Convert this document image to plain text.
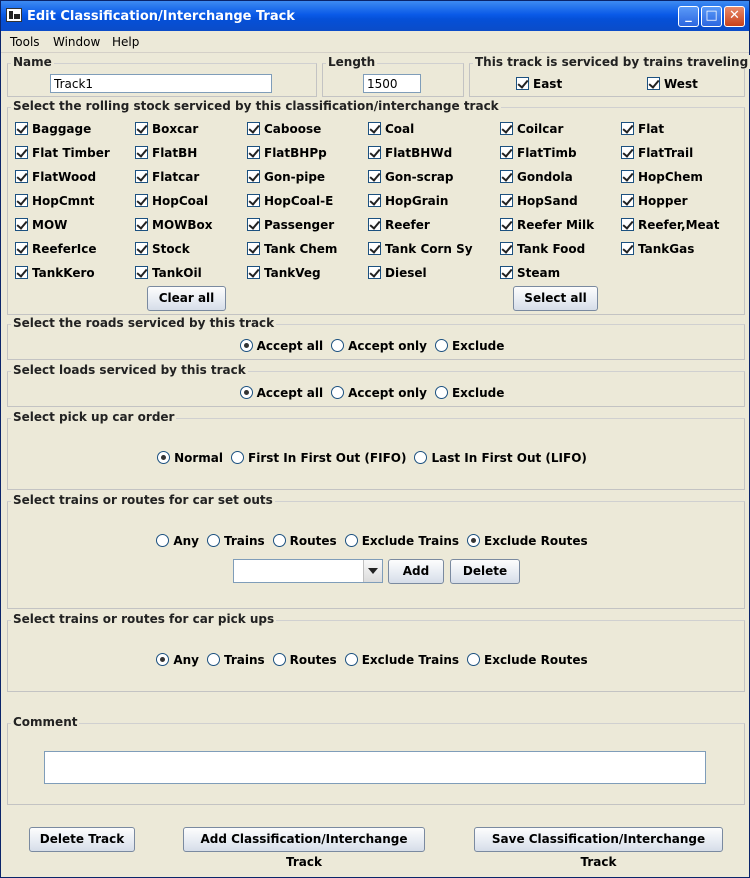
Edit Classification/Interchange Track	_	□ ✕
Tools Window Help
Name
Track1	Length
1500	This track is serviced by trains traveling
East	West
Select the rolling stock serviced by this classification/interchange track
Baggage	Boxcar	Caboose	Coal	Coilcar	Flat
Flat Timber	FlatBH	FlatBHPp	FlatBHWd	FlatTimb	FlatTrail
FlatWood	Flatcar	Gon-pipe	Gon-scrap	Gondola	HopChem
HopCmnt	HopCoal	HopCoal-E	HopGrain	HopSand	Hopper
MOW	MOWBox	Passenger	Reefer	Reefer Milk	Reefer,Meat
ReeferIce	Stock	Tank Chem	Tank Corn Sy	Tank Food	TankGas
TankKero	TankOil	TankVeg	Diesel	Steam
Clear all	Select all
Select the roads serviced by this track
Accept all Accept only Exclude
Select loads serviced by this track
Accept all Accept only Exclude
Select pick up car order
Normal First In First Out (FIFO) Last In First Out (LIFO)
Select trains or routes for car set outs
Any Trains Routes Exclude Trains Exclude Routes
Add	Delete
Select trains or routes for car pick ups
Any Trains Routes Exclude Trains Exclude Routes
Comment
Delete Track	Add Classification/Interchange Track
Save Classification/Interchange Track
